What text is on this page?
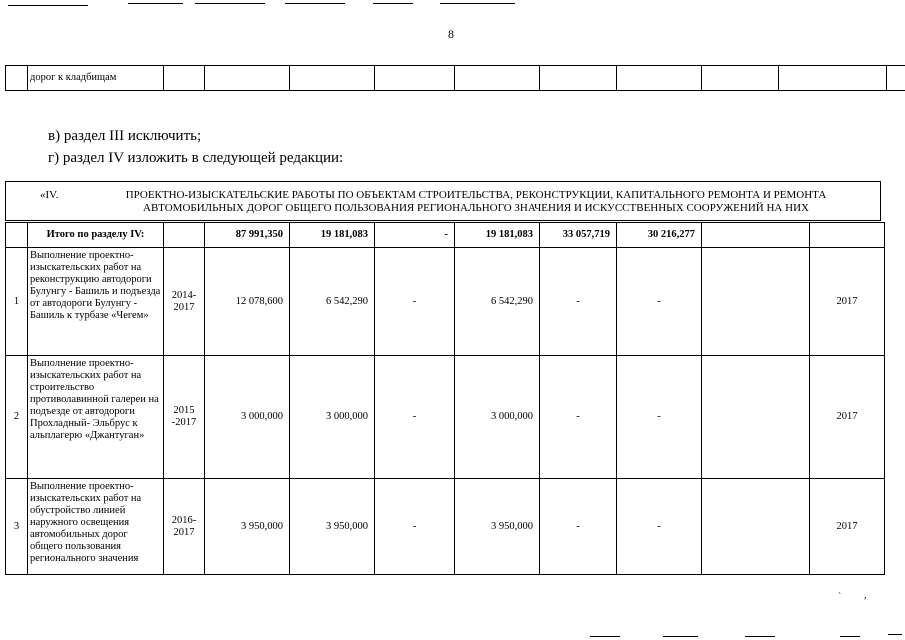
` ,
8
	дорог к кладбищам										
в) раздел III исключить;
г) раздел IV изложить в следующей редакции:
«IV.	ПРОЕКТНО-ИЗЫСКАТЕЛЬСКИЕ РАБОТЫ ПО ОБЪЕКТАМ СТРОИТЕЛЬСТВА, РЕКОНСТРУКЦИИ, КАПИТАЛЬНОГО РЕМОНТА И РЕМОНТА АВТОМОБИЛЬНЫХ ДОРОГ ОБЩЕГО ПОЛЬЗОВАНИЯ РЕГИОНАЛЬНОГО ЗНАЧЕНИЯ И ИСКУССТВЕННЫХ СООРУЖЕНИЙ НА НИХ
	Итого по разделу IV:		87 991,350	19 181,083	-	19 181,083	33 057,719	30 216,277		
1	Выполнение проектно-изыскательских работ на реконструкцию автодороги Булунгу - Башиль и подъезда от автодороги Булунгу - Башиль к турбазе «Чегем»	2014-2017	12 078,600	6 542,290	-	6 542,290	-	-		2017
2	Выполнение проектно-изыскательских работ на строительство противолавинной галереи на подъезде от автодороги Прохладный- Эльбрус к альплагерю «Джантуган»	2015 -2017	3 000,000	3 000,000	-	3 000,000	-	-		2017
3	Выполнение проектно-изыскательских работ на обустройство линией наружного освещения автомобильных дорог общего пользования регионального значения	2016-2017	3 950,000	3 950,000	-	3 950,000	-	-		2017
